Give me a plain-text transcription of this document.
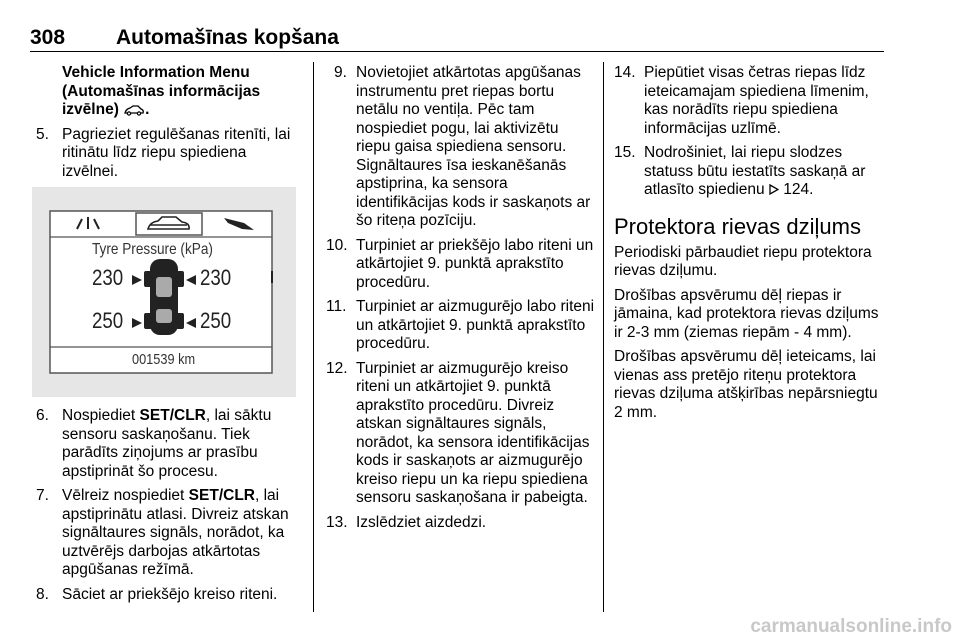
308 Automašīnas kopšana
Vehicle Information Menu (Automašīnas informācijas izvēlne) .
5. Pagrieziet regulēšanas ritenīti, lai ritinātu līdz riepu spiediena izvēlnei.
Tyre Pressure (kPa)
230	230
250	250
001539 km
6. Nospiediet SET/CLR, lai sāktu sensoru saskaņošanu. Tiek parādīts ziņojums ar prasību apstiprināt šo procesu.
7. Vēlreiz nospiediet SET/CLR, lai apstiprinātu atlasi. Divreiz atskan signāltaures signāls, norādot, ka uztvērējs darbojas atkārtotas apgūšanas režīmā.
8. Sāciet ar priekšējo kreiso riteni.
9. Novietojiet atkārtotas apgūšanas instrumentu pret riepas bortu netālu no ventiļa. Pēc tam nospiediet pogu, lai aktivizētu riepu gaisa spiediena sensoru. Signāltaures īsa ieskanēšanās apstiprina, ka sensora identifikācijas kods ir saskaņots ar šo riteņa pozīciju.
10. Turpiniet ar priekšējo labo riteni un atkārtojiet 9. punktā aprakstīto procedūru.
11. Turpiniet ar aizmugurējo labo riteni un atkārtojiet 9. punktā aprakstīto procedūru.
12. Turpiniet ar aizmugurējo kreiso riteni un atkārtojiet 9. punktā aprakstīto procedūru. Divreiz atskan signāltaures signāls, norādot, ka sensora identifikācijas kods ir saskaņots ar aizmugurējo kreiso riepu un ka riepu spiediena sensoru saskaņošana ir pabeigta.
13. Izslēdziet aizdedzi.
14. Piepūtiet visas četras riepas līdz ieteicamajam spiediena līmenim, kas norādīts riepu spiediena informācijas uzlīmē.
15. Nodrošiniet, lai riepu slodzes statuss būtu iestatīts saskaņā ar atlasīto spiedienu 124.
Protektora rievas dziļums
Periodiski pārbaudiet riepu protektora rievas dziļumu.
Drošības apsvērumu dēļ riepas ir jāmaina, kad protektora rievas dziļums ir 2-3 mm (ziemas riepām - 4 mm).
Drošības apsvērumu dēļ ieteicams, lai vienas ass pretējo riteņu protektora rievas dziļuma atšķirības nepārsniegtu 2 mm.
carmanualsonline.info
